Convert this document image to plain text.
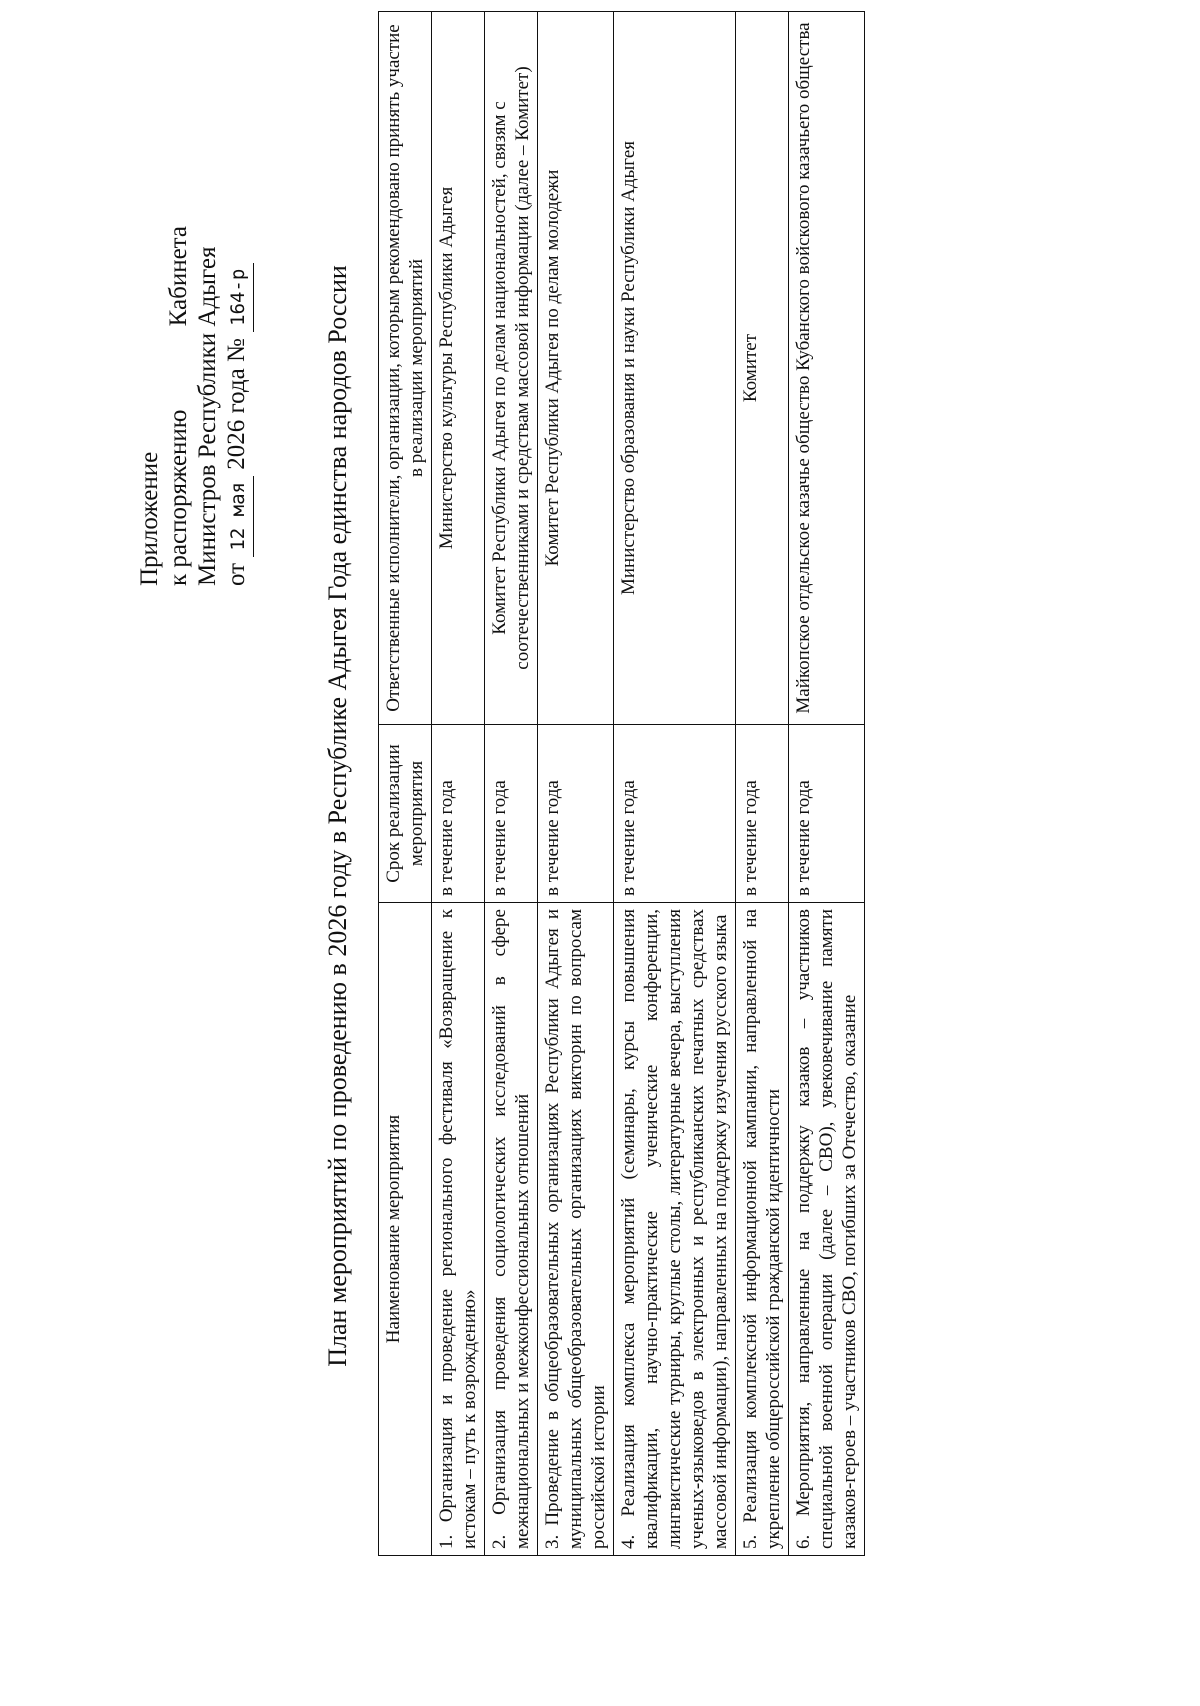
Приложение к распоряжению
Кабинета Министров Республики Адыгея от 12 мая 2026 года № 164-р	План мероприятий по проведению в 2026 году в Республике Адыгея Года единства народов России Наименование мероприятия	Срок реализации мероприятия	Ответственные исполнители, организации, которым рекомендовано принять участие в реализации мероприятий
1. Организация и проведение регионального фестиваля «Возвращение к истокам – путь к возрождению»	в течение года	Министерство культуры Республики Адыгея
2. Организация проведения социологических исследований в сфере межнациональных и межконфессиональных отношений	в течение года	Комитет Республики Адыгея по делам национальностей, связям с соотечественниками и средствам массовой информации (далее – Комитет)
3. Проведение в общеобразовательных организациях Республики Адыгея и муниципальных общеобразовательных организациях викторин по вопросам российской истории	в течение года	Комитет Республики Адыгея по делам молодежи
4. Реализация комплекса мероприятий (семинары, курсы повышения квалификации, научно-практические ученические конференции, лингвистические турниры, круглые столы, литературные вечера, выступления ученых-языковедов в электронных и республиканских печатных средствах массовой информации), направленных на поддержку изучения русского языка	в течение года	Министерство образования и науки Республики Адыгея
5. Реализация комплексной информационной кампании, направленной на укрепление общероссийской гражданской идентичности	в течение года	Комитет
6. Мероприятия, направленные на поддержку казаков – участников специальной военной операции (далее – СВО), увековечивание памяти казаков-героев – участников СВО, погибших за Отечество, оказание	в течение года	Майкопское отдельское казачье общество Кубанского войскового казачьего общества
